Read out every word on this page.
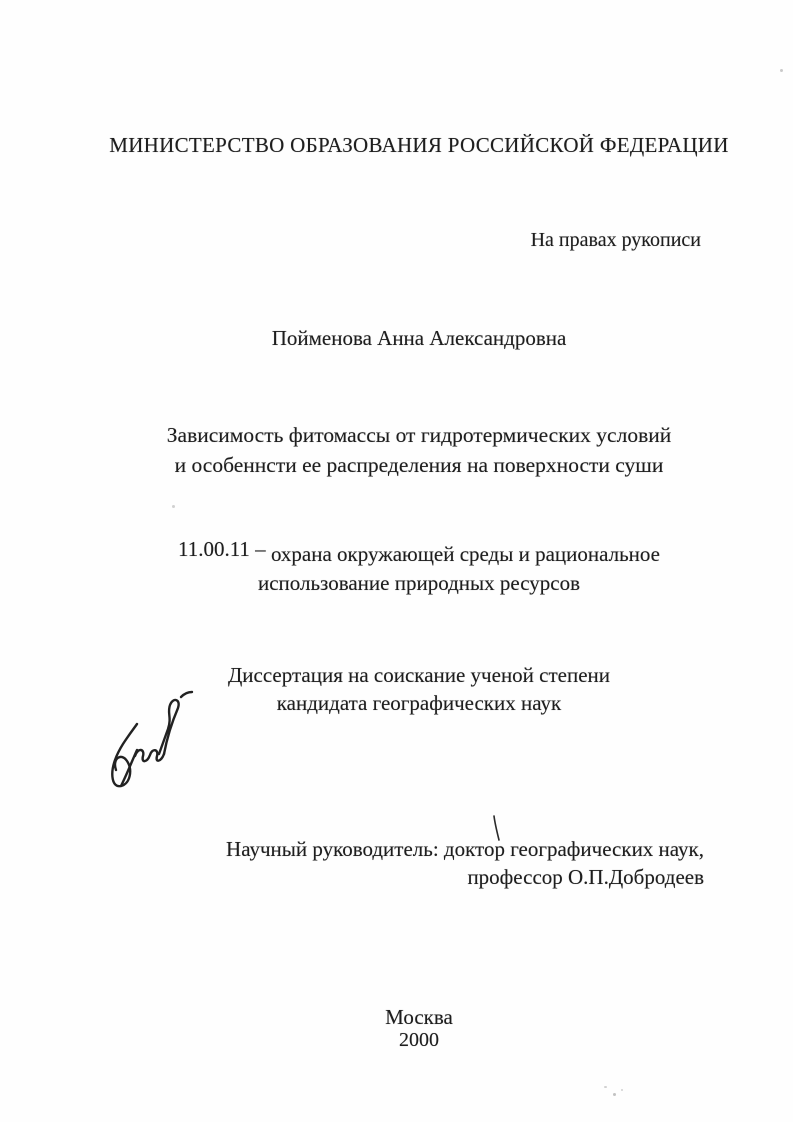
МИНИСТЕРСТВО ОБРАЗОВАНИЯ РОССИЙСКОЙ ФЕДЕРАЦИИ
На правах рукописи
Пойменова Анна Александровна
Зависимость фитомассы от гидротермических условий
и особеннсти ее распределения на поверхности суши
11.00.11 – охрана окружающей среды и рациональное
использование природных ресурсов
Диссертация на соискание ученой степени
кандидата географических наук
Научный руководитель: доктор географических наук,
профессор О.П.Добродеев
Москва
2000
